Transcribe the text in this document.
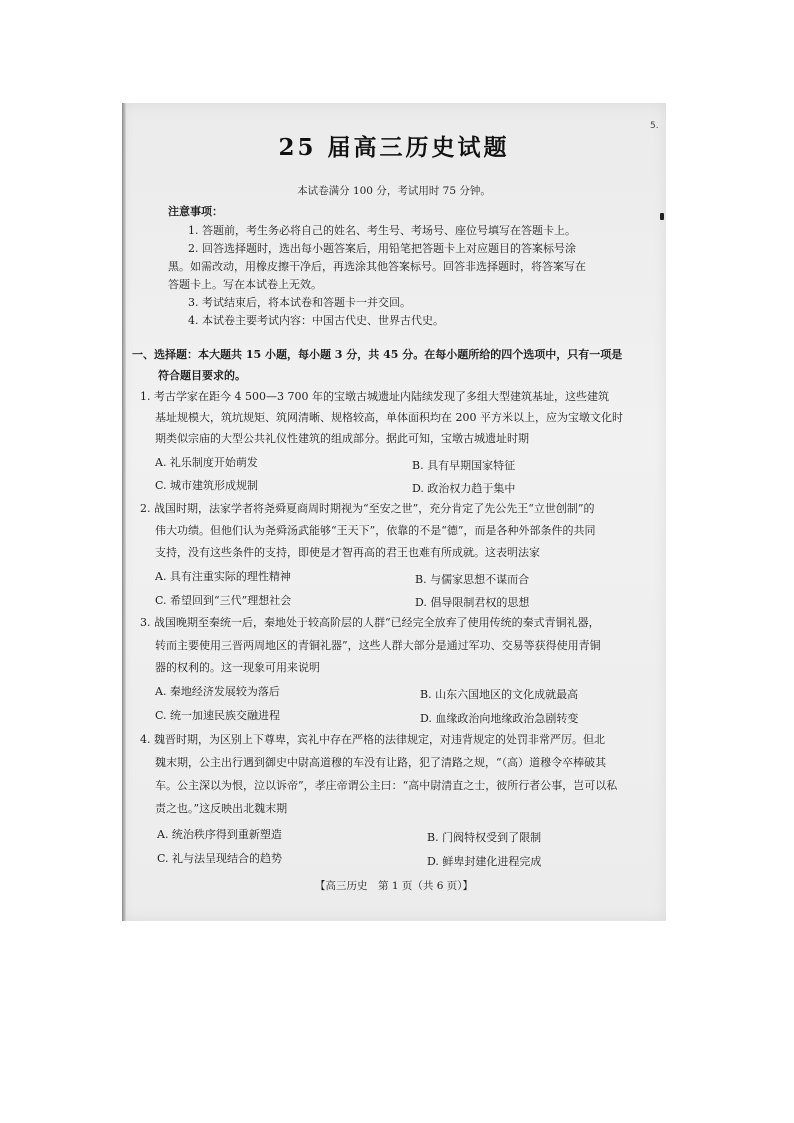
5.
25 届高三历史试题
本试卷满分 100 分，考试用时 75 分钟。
注意事项：
1. 答题前，考生务必将自己的姓名、考生号、考场号、座位号填写在答题卡上。
2. 回答选择题时，选出每小题答案后，用铅笔把答题卡上对应题目的答案标号涂
黑。如需改动，用橡皮擦干净后，再选涂其他答案标号。回答非选择题时，将答案写在
答题卡上。写在本试卷上无效。
3. 考试结束后，将本试卷和答题卡一并交回。
4. 本试卷主要考试内容：中国古代史、世界古代史。
一、选择题：本大题共 15 小题，每小题 3 分，共 45 分。在每小题所给的四个选项中，只有一项是
符合题目要求的。
1. 考古学家在距今 4 500—3 700 年的宝墩古城遗址内陆续发现了多组大型建筑基址，这些建筑
基址规模大，筑坑规矩、筑网清晰、规格较高，单体面积均在 200 平方米以上，应为宝墩文化时
期类似宗庙的大型公共礼仪性建筑的组成部分。据此可知，宝墩古城遗址时期
A. 礼乐制度开始萌发	B. 具有早期国家特征
C. 城市建筑形成规制	D. 政治权力趋于集中
2. 战国时期，法家学者将尧舜夏商周时期视为“至安之世”，充分肯定了先公先王“立世创制”的
伟大功绩。但他们认为尧舜汤武能够“王天下”，依靠的不是“德”，而是各种外部条件的共同
支持，没有这些条件的支持，即使是才智再高的君王也难有所成就。这表明法家
A. 具有注重实际的理性精神	B. 与儒家思想不谋而合
C. 希望回到“三代”理想社会	D. 倡导限制君权的思想
3. 战国晚期至秦统一后，秦地处于较高阶层的人群“已经完全放弃了使用传统的秦式青铜礼器，
转而主要使用三晋两周地区的青铜礼器”，这些人群大部分是通过军功、交易等获得使用青铜
器的权利的。这一现象可用来说明
A. 秦地经济发展较为落后	B. 山东六国地区的文化成就最高
C. 统一加速民族交融进程	D. 血缘政治向地缘政治急剧转变
4. 魏晋时期，为区别上下尊卑，宾礼中存在严格的法律规定，对违背规定的处罚非常严厉。但北
魏末期，公主出行遇到御史中尉高道穆的车没有让路，犯了清路之规，“（高）道穆令卒棒破其
车。公主深以为恨，泣以诉帝”，孝庄帝谓公主曰：“高中尉清直之士，彼所行者公事，岂可以私
责之也。”这反映出北魏末期
A. 统治秩序得到重新塑造	B. 门阀特权受到了限制
C. 礼与法呈现结合的趋势	D. 鲜卑封建化进程完成
【高三历史　第 1 页（共 6 页）】
